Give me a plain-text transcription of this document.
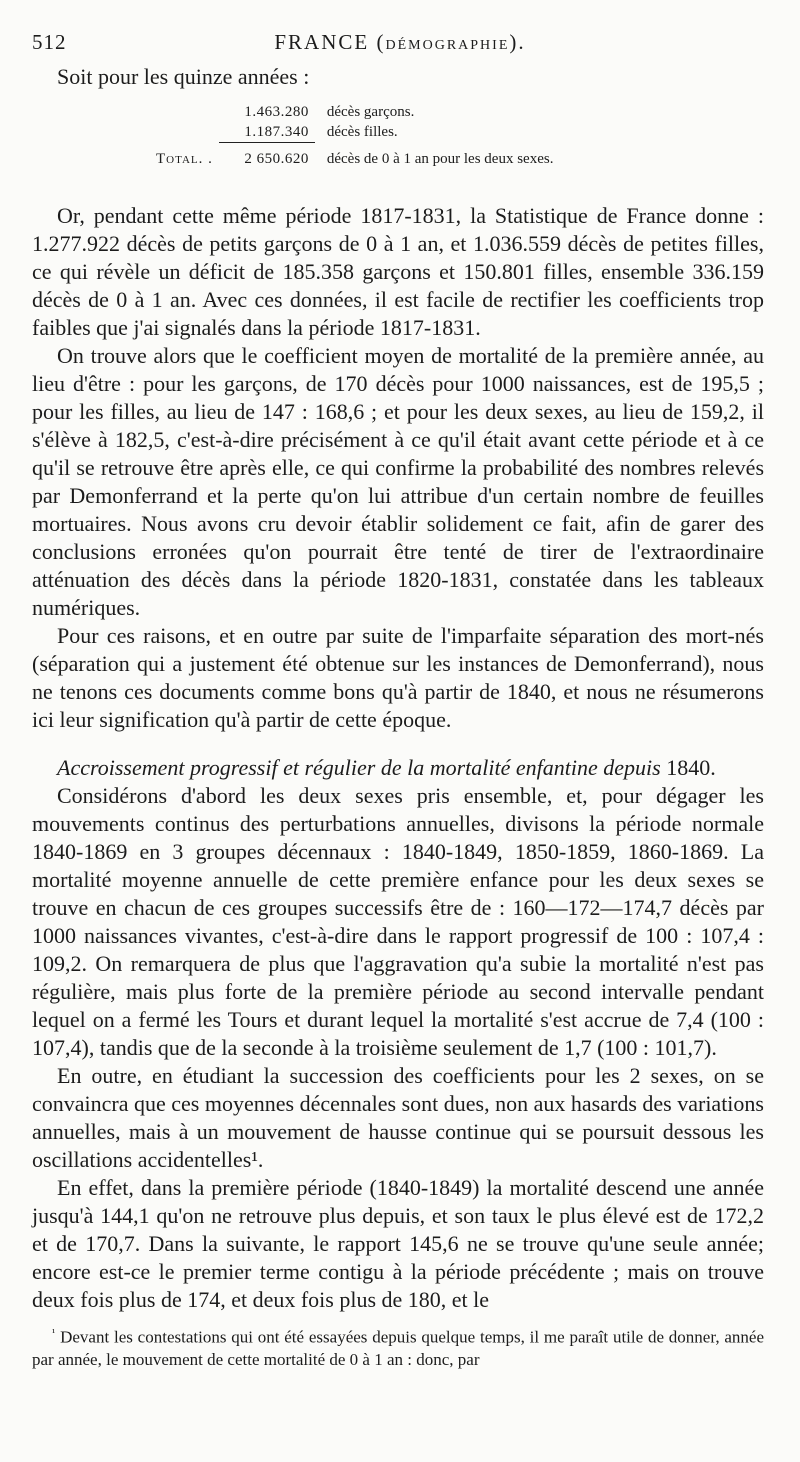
512	FRANCE (DÉMOGRAPHIE).
Soit pour les quinze années :
	1.463.280	décès garçons.
	1.187.340	décès filles.
Total. .	2 650.620	décès de 0 à 1 an pour les deux sexes.

Or, pendant cette même période 1817-1831, la Statistique de France donne : 1.277.922 décès de petits garçons de 0 à 1 an, et 1.036.559 décès de petites filles, ce qui révèle un déficit de 185.358 garçons et 150.801 filles, ensemble 336.159 décès de 0 à 1 an. Avec ces données, il est facile de rectifier les coefficients trop faibles que j'ai signalés dans la période 1817-1831.

On trouve alors que le coefficient moyen de mortalité de la première année, au lieu d'être : pour les garçons, de 170 décès pour 1000 naissances, est de 195,5 ; pour les filles, au lieu de 147 : 168,6 ; et pour les deux sexes, au lieu de 159,2, il s'élève à 182,5, c'est-à-dire précisément à ce qu'il était avant cette période et à ce qu'il se retrouve être après elle, ce qui confirme la probabilité des nombres relevés par Demonferrand et la perte qu'on lui attribue d'un certain nombre de feuilles mortuaires. Nous avons cru devoir établir solidement ce fait, afin de garer des conclusions erronées qu'on pourrait être tenté de tirer de l'extraordinaire atténuation des décès dans la période 1820-1831, constatée dans les tableaux numériques.

Pour ces raisons, et en outre par suite de l'imparfaite séparation des mort-nés (séparation qui a justement été obtenue sur les instances de Demonferrand), nous ne tenons ces documents comme bons qu'à partir de 1840, et nous ne résumerons ici leur signification qu'à partir de cette époque.

Accroissement progressif et régulier de la mortalité enfantine depuis 1840.

Considérons d'abord les deux sexes pris ensemble, et, pour dégager les mouvements continus des perturbations annuelles, divisons la période normale 1840-1869 en 3 groupes décennaux : 1840-1849, 1850-1859, 1860-1869. La mortalité moyenne annuelle de cette première enfance pour les deux sexes se trouve en chacun de ces groupes successifs être de : 160—172—174,7 décès par 1000 naissances vivantes, c'est-à-dire dans le rapport progressif de 100 : 107,4 : 109,2. On remarquera de plus que l'aggravation qu'a subie la mortalité n'est pas régulière, mais plus forte de la première période au second intervalle pendant lequel on a fermé les Tours et durant lequel la mortalité s'est accrue de 7,4 (100 : 107,4), tandis que de la seconde à la troisième seulement de 1,7 (100 : 101,7).

En outre, en étudiant la succession des coefficients pour les 2 sexes, on se convaincra que ces moyennes décennales sont dues, non aux hasards des variations annuelles, mais à un mouvement de hausse continue qui se poursuit dessous les oscillations accidentelles¹.

En effet, dans la première période (1840-1849) la mortalité descend une année jusqu'à 144,1 qu'on ne retrouve plus depuis, et son taux le plus élevé est de 172,2 et de 170,7. Dans la suivante, le rapport 145,6 ne se trouve qu'une seule année; encore est-ce le premier terme contigu à la période précédente ; mais on trouve deux fois plus de 174, et deux fois plus de 180, et le

$^{^1}$ Devant les contestations qui ont été essayées depuis quelque temps, il me paraît utile de donner, année par année, le mouvement de cette mortalité de 0 à 1 an : donc, par
